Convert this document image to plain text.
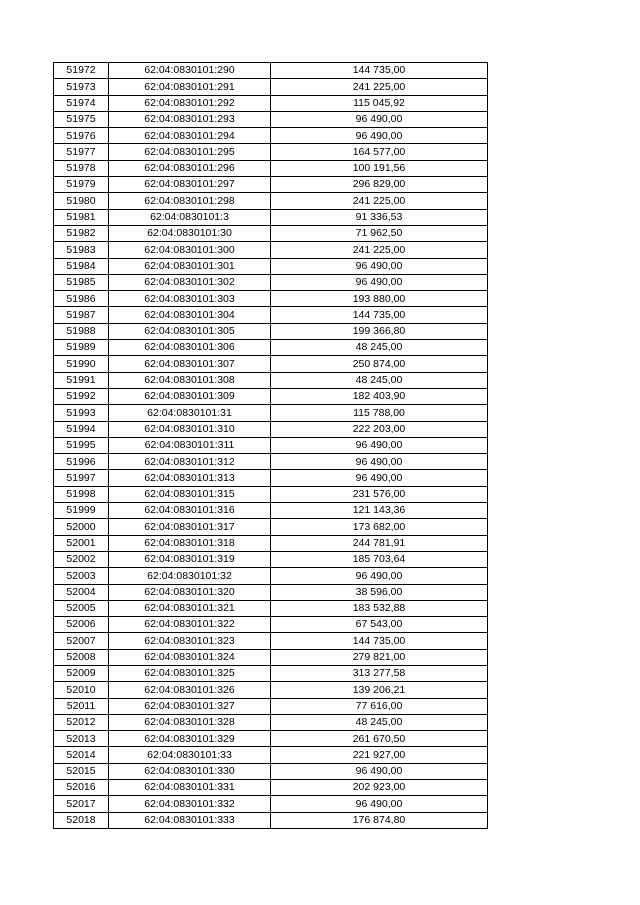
51972	62:04:0830101:290	144 735,00
51973	62:04:0830101:291	241 225,00
51974	62:04:0830101:292	115 045,92
51975	62:04:0830101:293	96 490,00
51976	62:04:0830101:294	96 490,00
51977	62:04:0830101:295	164 577,00
51978	62:04:0830101:296	100 191,56
51979	62:04:0830101:297	296 829,00
51980	62:04:0830101:298	241 225,00
51981	62:04:0830101:3	91 336,53
51982	62:04:0830101:30	71 962,50
51983	62:04:0830101:300	241 225,00
51984	62:04:0830101:301	96 490,00
51985	62:04:0830101:302	96 490,00
51986	62:04:0830101:303	193 880,00
51987	62:04:0830101:304	144 735,00
51988	62:04:0830101:305	199 366,80
51989	62:04:0830101:306	48 245,00
51990	62:04:0830101:307	250 874,00
51991	62:04:0830101:308	48 245,00
51992	62:04:0830101:309	182 403,90
51993	62:04:0830101:31	115 788,00
51994	62:04:0830101:310	222 203,00
51995	62:04:0830101:311	96 490,00
51996	62:04:0830101:312	96 490,00
51997	62:04:0830101:313	96 490,00
51998	62:04:0830101:315	231 576,00
51999	62:04:0830101:316	121 143,36
52000	62:04:0830101:317	173 682,00
52001	62:04:0830101:318	244 781,91
52002	62:04:0830101:319	185 703,64
52003	62:04:0830101:32	96 490,00
52004	62:04:0830101:320	38 596,00
52005	62:04:0830101:321	183 532,88
52006	62:04:0830101:322	67 543,00
52007	62:04:0830101:323	144 735,00
52008	62:04:0830101:324	279 821,00
52009	62:04:0830101:325	313 277,58
52010	62:04:0830101:326	139 206,21
52011	62:04:0830101:327	77 616,00
52012	62:04:0830101:328	48 245,00
52013	62:04:0830101:329	261 670,50
52014	62:04:0830101:33	221 927,00
52015	62:04:0830101:330	96 490,00
52016	62:04:0830101:331	202 923,00
52017	62:04:0830101:332	96 490,00
52018	62:04:0830101:333	176 874,80
